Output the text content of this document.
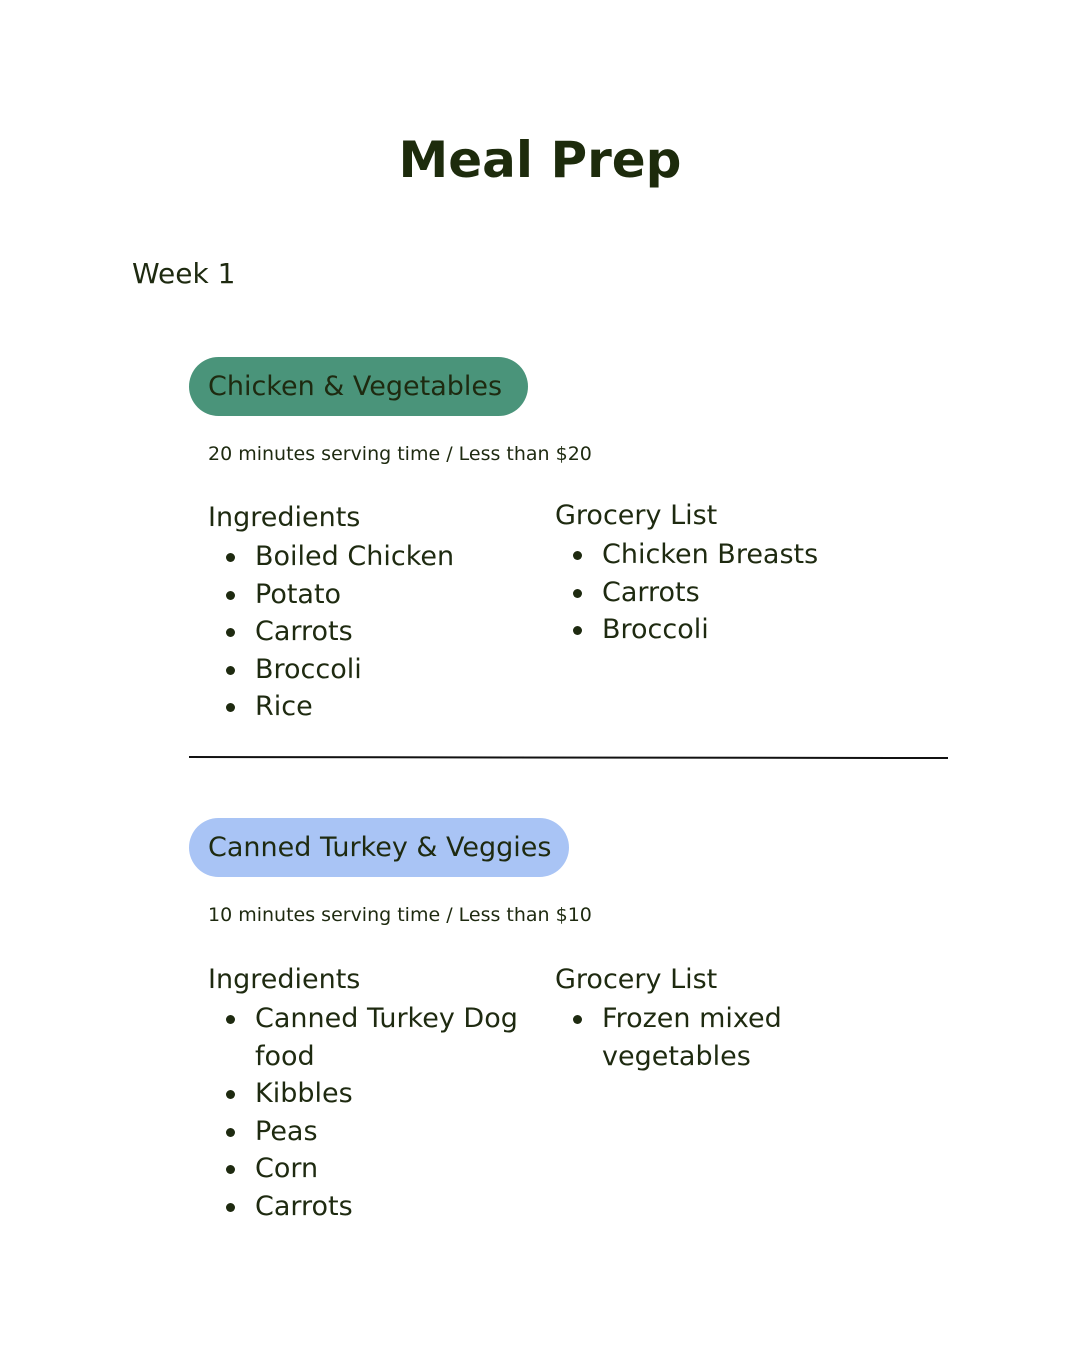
Meal Prep
Week 1
Chicken & Vegetables
20 minutes serving time / Less than $20
Ingredients
Boiled Chicken
Potato
Carrots
Broccoli
Rice
Grocery List
Chicken Breasts
Carrots
Broccoli
Canned Turkey & Veggies
10 minutes serving time / Less than $10
Ingredients
Canned Turkey Dog food
Kibbles
Peas
Corn
Carrots
Grocery List
Frozen mixed vegetables
